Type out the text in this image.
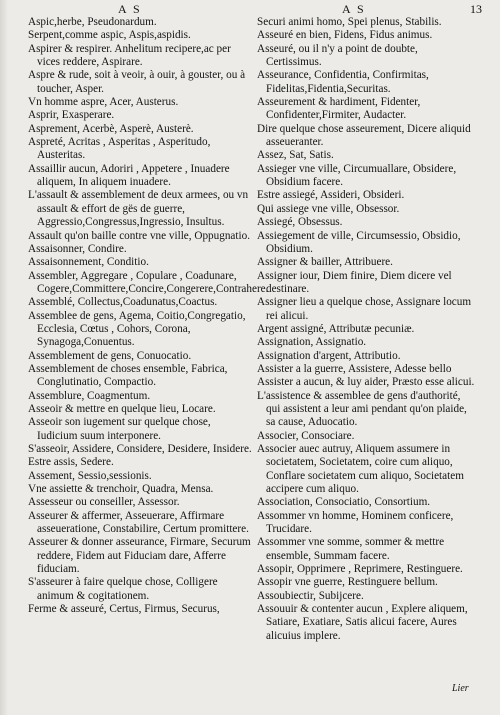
A S	A S	13

Aspic,herbe, Pseudonardum.

Serpent,comme aspic, Aspis,aspidis.

Aspirer & respirer. Anhelitum recipere,ac per vices reddere, Aspirare.

Aspre & rude, soit à veoir, à ouir, à gouster, ou à toucher, Asper.

Vn homme aspre, Acer, Austerus.

Asprir, Exasperare.

Asprement, Acerbè, Asperè, Austerè.

Aspreté, Acritas , Asperitas , Asperitudo, Austeritas.

Assaillir aucun, Adoriri , Appetere , Inuadere aliquem, In aliquem inuadere.

L'assault & assemblement de deux armees, ou vn assault & effort de gës de guerre, Aggressio,Congressus,Ingressio, Insultus.

Assault qu'on baille contre vne ville, Oppugnatio.

Assaisonner, Condire.

Assaisonnement, Conditio.

Assembler, Aggregare , Copulare , Coadunare, Cogere,Committere,Concire,Congerere,Contrahere.

Assemblé, Collectus,Coadunatus,Coactus.

Assemblee de gens, Agema, Coitio,Congregatio, Ecclesia, Cœtus , Cohors, Corona, Synagoga,Conuentus.

Assemblement de gens, Conuocatio.

Assemblement de choses ensemble, Fabrica, Conglutinatio, Compactio.

Assemblure, Coagmentum.

Asseoir & mettre en quelque lieu, Locare.

Asseoir son iugement sur quelque chose, Iudicium suum interponere.

S'asseoir, Assidere, Considere, Desidere, Insidere.

Estre assis, Sedere.

Assement, Sessio,sessionis.

Vne assiette & trenchoir, Quadra, Mensa.

Assesseur ou conseiller, Assessor.

Asseurer & affermer, Asseuerare, Affirmare asseueratione, Constabilire, Certum promittere.

Asseurer & donner asseurance, Firmare, Securum reddere, Fidem aut Fiduciam dare, Afferre fiduciam.

S'asseurer à faire quelque chose, Colligere animum & cogitationem.

Ferme & asseuré, Certus, Firmus, Securus,

Securi animi homo, Spei plenus, Stabilis.

Asseuré en bien, Fidens, Fidus animus.

Asseuré, ou il n'y a point de doubte, Certissimus.

Asseurance, Confidentia, Confirmitas, Fidelitas,Fidentia,Securitas.

Asseurement & hardiment, Fidenter, Confidenter,Firmiter, Audacter.

Dire quelque chose asseurement, Dicere aliquid asseueranter.

Assez, Sat, Satis.

Assieger vne ville, Circumuallare, Obsidere, Obsidium facere.

Estre assiegé, Assideri, Obsideri.

Qui assiege vne ville, Obsessor.

Assiegé, Obsessus.

Assiegement de ville, Circumsessio, Obsidio, Obsidium.

Assigner & bailler, Attribuere.

Assigner iour, Diem finire, Diem dicere vel destinare.

Assigner lieu a quelque chose, Assignare locum rei alicui.

Argent assigné, Attributæ pecuniæ.

Assignation, Assignatio.

Assignation d'argent, Attributio.

Assister a la guerre, Assistere, Adesse bello

Assister a aucun, & luy aider, Præsto esse alicui.

L'assistence & assemblee de gens d'authorité, qui assistent a leur ami pendant qu'on plaide, sa cause, Aduocatio.

Associer, Consociare.

Associer auec autruy, Aliquem assumere in societatem, Societatem, coire cum aliquo, Conflare societatem cum aliquo, Societatem accipere cum aliquo.

Association, Consociatio, Consortium.

Assommer vn homme, Hominem conficere, Trucidare.

Assommer vne somme, sommer & mettre ensemble, Summam facere.

Assopir, Opprimere , Reprimere, Restinguere.

Assopir vne guerre, Restinguere bellum.

Assoubiectir, Subijcere.

Assouuir & contenter aucun , Explere aliquem, Satiare, Exatiare, Satis alicui facere, Aures alicuius implere.

Lier
